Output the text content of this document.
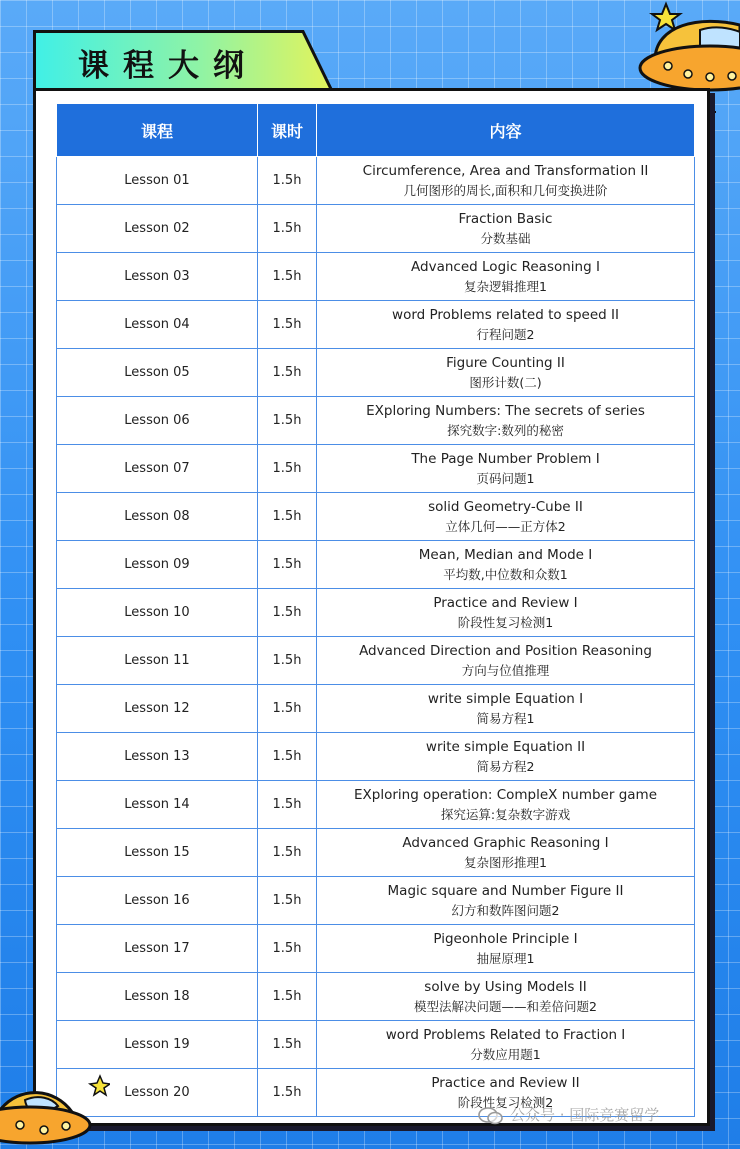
课程大纲
课程	课时	内容
Lesson 01	1.5h	Circumference, Area and Transformation II
几何图形的周长,面积和几何变换进阶

Lesson 02	1.5h	Fraction Basic
分数基础

Lesson 03	1.5h	Advanced Logic Reasoning I
复杂逻辑推理1

Lesson 04	1.5h	word Problems related to speed II
行程问题2

Lesson 05	1.5h	Figure Counting II
图形计数(二)

Lesson 06	1.5h	EXploring Numbers: The secrets of series
探究数字:数列的秘密

Lesson 07	1.5h	The Page Number Problem I
页码问题1

Lesson 08	1.5h	solid Geometry-Cube II
立体几何——正方体2

Lesson 09	1.5h	Mean, Median and Mode I
平均数,中位数和众数1

Lesson 10	1.5h	Practice and Review I
阶段性复习检测1

Lesson 11	1.5h	Advanced Direction and Position Reasoning
方向与位值推理

Lesson 12	1.5h	write simple Equation I
简易方程1

Lesson 13	1.5h	write simple Equation II
简易方程2

Lesson 14	1.5h	EXploring operation: CompleX number game
探究运算:复杂数字游戏

Lesson 15	1.5h	Advanced Graphic Reasoning I
复杂图形推理1

Lesson 16	1.5h	Magic square and Number Figure II
幻方和数阵图问题2

Lesson 17	1.5h	Pigeonhole Principle I
抽屉原理1

Lesson 18	1.5h	solve by Using Models II
模型法解决问题——和差倍问题2

Lesson 19	1.5h	word Problems Related to Fraction I
分数应用题1

Lesson 20	1.5h	Practice and Review II
阶段性复习检测2
公众号 · 国际竞赛留学
